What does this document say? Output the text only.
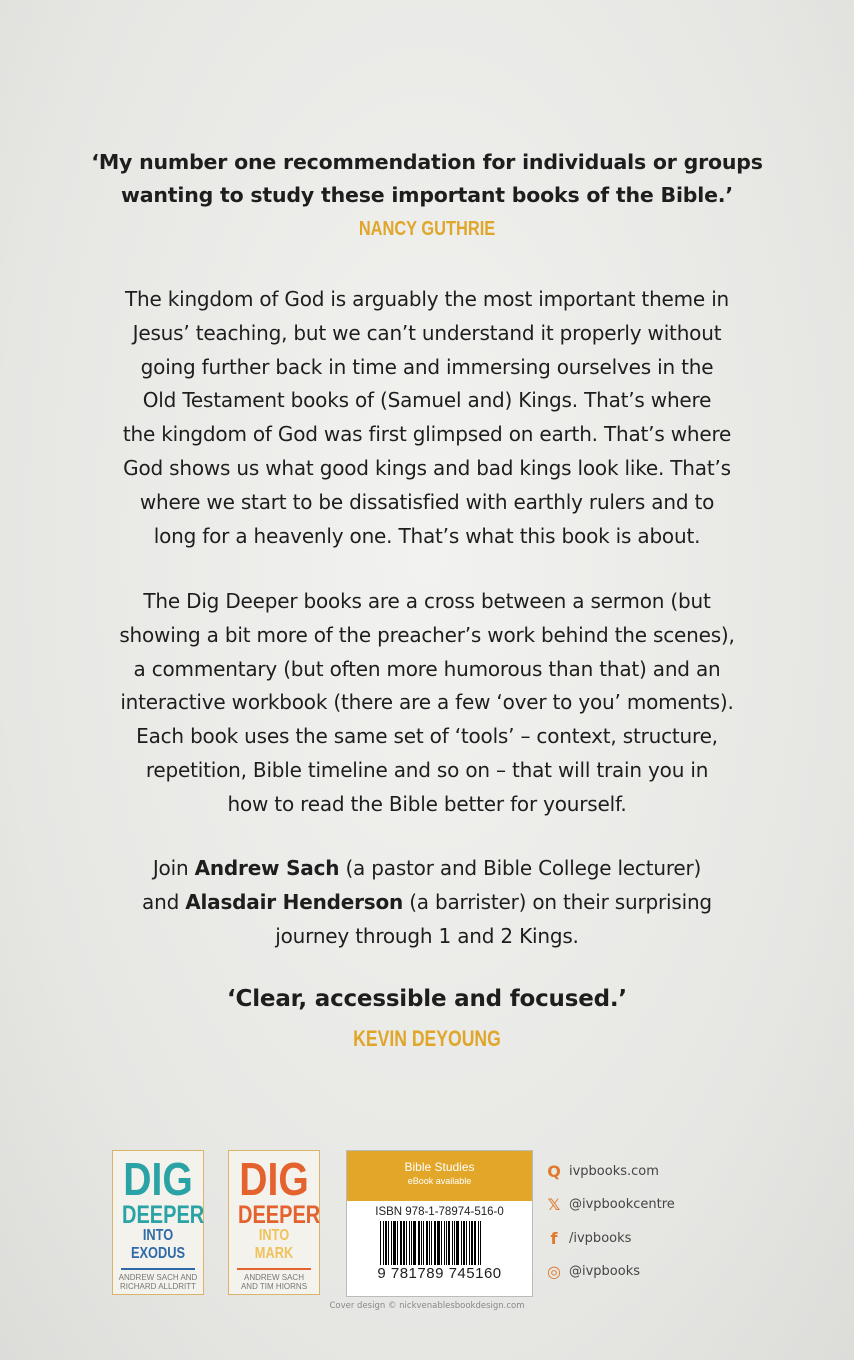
‘My number one recommendation for individuals or groups
wanting to study these important books of the Bible.’
NANCY GUTHRIE
The kingdom of God is arguably the most important theme in
Jesus’ teaching, but we can’t understand it properly without
going further back in time and immersing ourselves in the
Old Testament books of (Samuel and) Kings. That’s where
the kingdom of God was first glimpsed on earth. That’s where
God shows us what good kings and bad kings look like. That’s
where we start to be dissatisfied with earthly rulers and to
long for a heavenly one. That’s what this book is about.
The Dig Deeper books are a cross between a sermon (but
showing a bit more of the preacher’s work behind the scenes),
a commentary (but often more humorous than that) and an
interactive workbook (there are a few ‘over to you’ moments).
Each book uses the same set of ‘tools’ – context, structure,
repetition, Bible timeline and so on – that will train you in
how to read the Bible better for yourself.
Join Andrew Sach (a pastor and Bible College lecturer)
and Alasdair Henderson (a barrister) on their surprising
journey through 1 and 2 Kings.
‘Clear, accessible and focused.’
KEVIN DEYOUNG
DIG
DEEPER
INTO EXODUS
ANDREW SACH AND
RICHARD ALLDRITT
DIG
DEEPER
INTO MARK
ANDREW SACH
AND TIM HIORNS
Bible Studies
eBook available
ISBN 978-1-78974-516-0
9 781789 745160
Q ivpbooks.com
𝕏 @ivpbookcentre
f /ivpbooks
◎ @ivpbooks
Cover design © nickvenablesbookdesign.com
